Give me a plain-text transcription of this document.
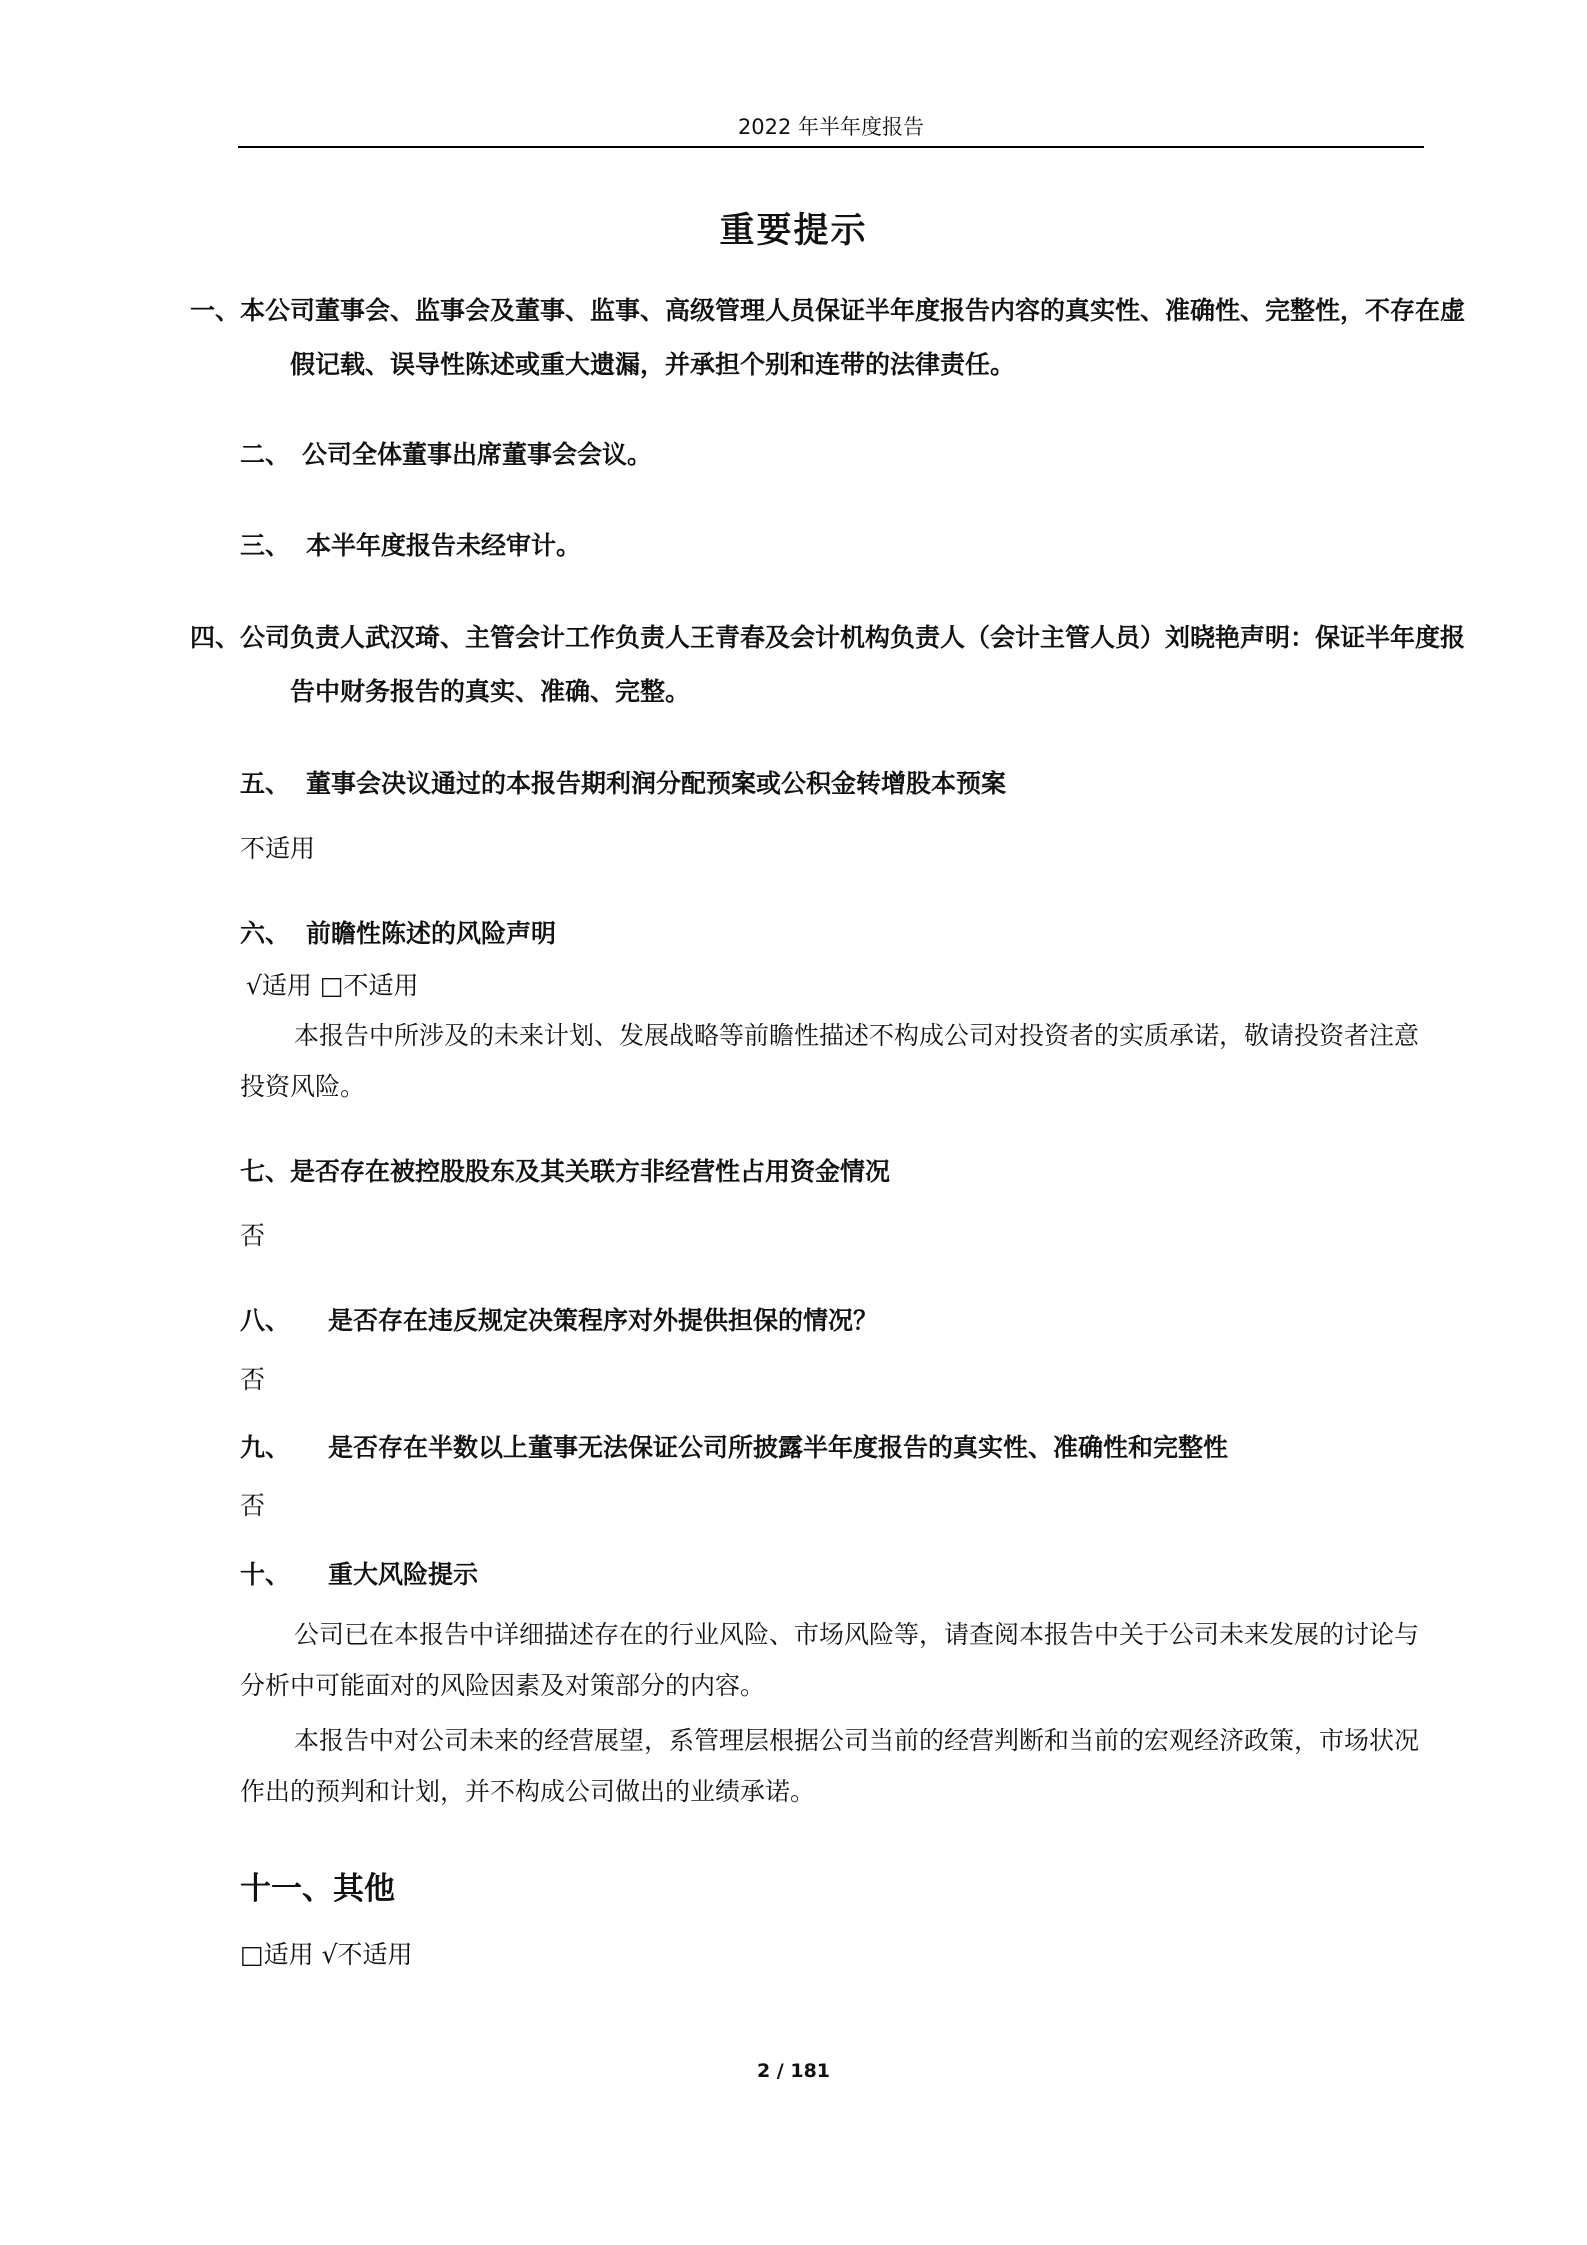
2022 年半年度报告
重要提示
一、本公司董事会、监事会及董事、监事、高级管理人员保证半年度报告内容的真实性、准确性、完整性，不存在虚假记载、误导性陈述或重大遗漏，并承担个别和连带的法律责任。
二、 公司全体董事出席董事会会议。
三、 本半年度报告未经审计。
四、公司负责人武汉琦、主管会计工作负责人王青春及会计机构负责人（会计主管人员）刘晓艳声明：保证半年度报告中财务报告的真实、准确、完整。
五、 董事会决议通过的本报告期利润分配预案或公积金转增股本预案
不适用
六、 前瞻性陈述的风险声明
√适用 □不适用
本报告中所涉及的未来计划、发展战略等前瞻性描述不构成公司对投资者的实质承诺，敬请投资者注意投资风险。
七、是否存在被控股股东及其关联方非经营性占用资金情况
否
八、 是否存在违反规定决策程序对外提供担保的情况？
否
九、 是否存在半数以上董事无法保证公司所披露半年度报告的真实性、准确性和完整性
否
十、 重大风险提示
公司已在本报告中详细描述存在的行业风险、市场风险等，请查阅本报告中关于公司未来发展的讨论与分析中可能面对的风险因素及对策部分的内容。
本报告中对公司未来的经营展望，系管理层根据公司当前的经营判断和当前的宏观经济政策，市场状况作出的预判和计划，并不构成公司做出的业绩承诺。
十一、其他
□适用 √不适用
2 / 181
